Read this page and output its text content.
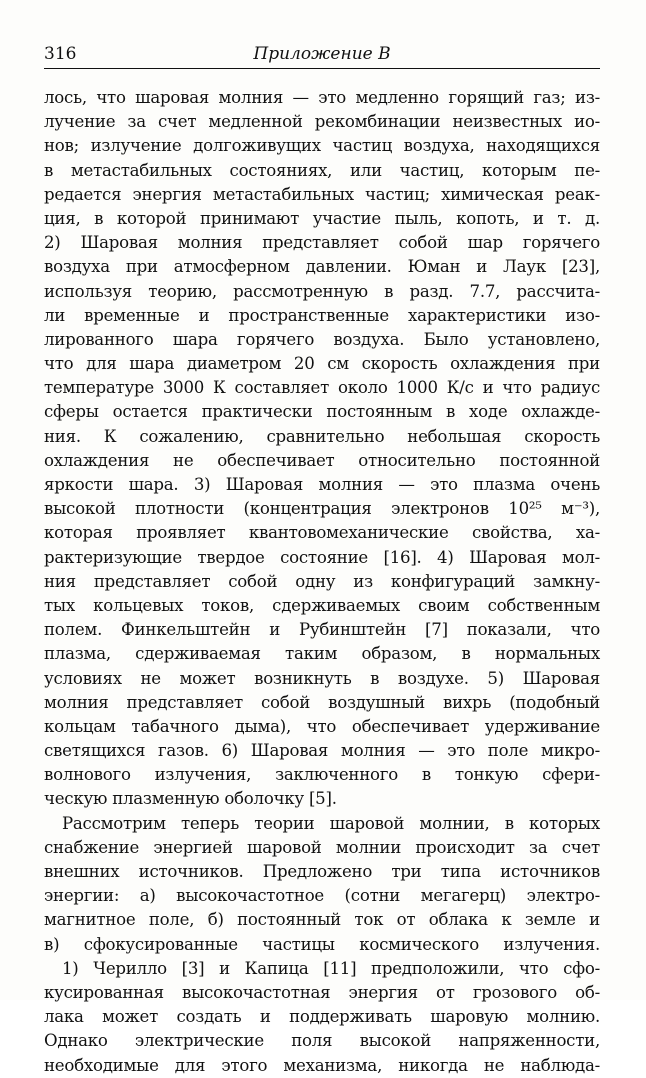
316	Приложение В
лось, что шаровая молния — это медленно горящий газ; из-
лучение за счет медленной рекомбинации неизвестных ио-
нов; излучение долгоживущих частиц воздуха, находящихся
в метастабильных состояниях, или частиц, которым пе-
редается энергия метастабильных частиц; химическая реак-
ция, в которой принимают участие пыль, копоть, и т. д.
2) Шаровая молния представляет собой шар горячего
воздуха при атмосферном давлении. Юман и Лаук [23],
используя теорию, рассмотренную в разд. 7.7, рассчита-
ли временные и пространственные характеристики изо-
лированного шара горячего воздуха. Было установлено,
что для шара диаметром 20 см скорость охлаждения при
температуре 3000 К составляет около 1000 К/с и что радиус
сферы остается практически постоянным в ходе охлажде-
ния. К сожалению, сравнительно небольшая скорость
охлаждения не обеспечивает относительно постоянной
яркости шара. 3) Шаровая молния — это плазма очень
высокой плотности (концентрация электронов 10²⁵ м⁻³),
которая проявляет квантовомеханические свойства, ха-
рактеризующие твердое состояние [16]. 4) Шаровая мол-
ния представляет собой одну из конфигураций замкну-
тых кольцевых токов, сдерживаемых своим собственным
полем. Финкельштейн и Рубинштейн [7] показали, что
плазма, сдерживаемая таким образом, в нормальных
условиях не может возникнуть в воздухе. 5) Шаровая
молния представляет собой воздушный вихрь (подобный
кольцам табачного дыма), что обеспечивает удерживание
светящихся газов. 6) Шаровая молния — это поле микро-
волнового излучения, заключенного в тонкую сфери-
ческую плазменную оболочку [5].
Рассмотрим теперь теории шаровой молнии, в которых
снабжение энергией шаровой молнии происходит за счет
внешних источников. Предложено три типа источников
энергии: а) высокочастотное (сотни мегагерц) электро-
магнитное поле, б) постоянный ток от облака к земле и
в) сфокусированные частицы космического излучения.
1) Черилло [3] и Капица [11] предположили, что сфо-
кусированная высокочастотная энергия от грозового об-
лака может создать и поддерживать шаровую молнию.
Однако электрические поля высокой напряженности,
необходимые для этого механизма, никогда не наблюда-
